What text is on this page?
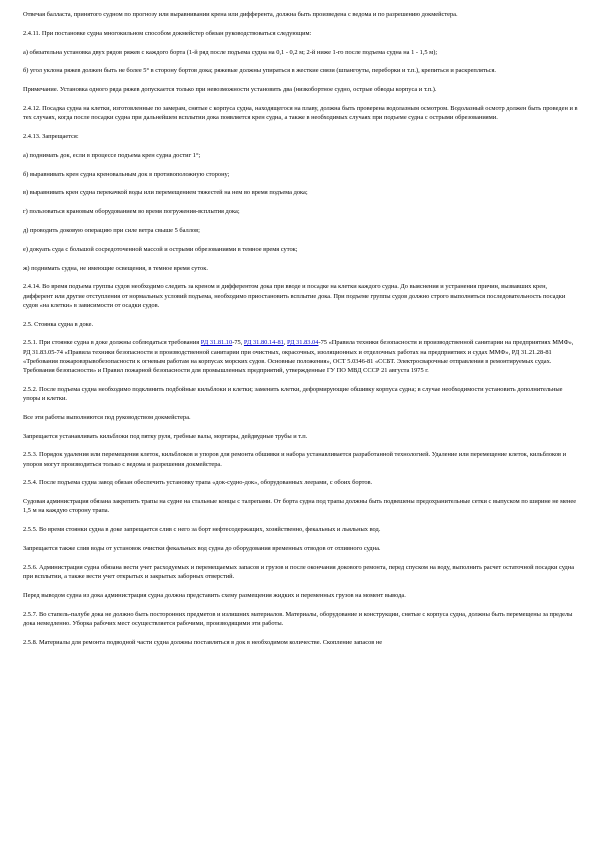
Отвечая балласта, принятого судном по прогнозу или выравнивании крена или дифферента, должна быть произведена с ведома и по разрешению докмейстера.

2.4.11. При постановке судна многокильном способом докмейстер обязан руководствоваться следующим:

а) обязательна установка двух рядов ряжев с каждого борта (1-й ряд после подъема судна на 0,1 - 0,2 м; 2-й ниже 1-го после подъема судна на 1 - 1,5 м);

б) угол уклона ряжев должен быть не более 5° в сторону бортов дока; ряжевые должны упираться в жесткие связи (шпангоуты, переборки и т.п.), крепиться и раскрепляться.

Примечание. Установка одного ряда ряжев допускается только при невозможности установить два (низкобортное судно, острые обводы корпуса и т.п.).

2.4.12. Посадка судна на клетки, изготовленные по замерам, снятые с корпуса судна, находящегося на плаву, должна быть проверена водолазным осмотром. Водолазный осмотр должен быть проведен и в тех случаях, когда после посадки судна при дальнейшем всплытии дока появляется крен судна, а также в необходимых случаях при подъеме судна с острыми обрезованиями.

2.4.13. Запрещается:

а) поднимать док, если в процессе подъема крен судна достиг 1°;

б) выравнивать крен судна креновальным док в противоположную сторону;

в) выравнивать крен судна перекачкой воды или перемещением тяжестей на нем во время подъема дока;

г) пользоваться крановым оборудованием во время погружения-всплытия дока;

д) проводить доковую операцию при силе ветра свыше 5 баллов;

е) докуать суда с большой сосредоточенной массой и острыми обрезованиями в темное время суток;

ж) поднимать судна, не имеющие освещения, в темное время суток.

2.4.14. Во время подъема группы судов необходимо следить за креном и дифферентом дока при вводе и посадке на клетки каждого судна. До выяснения и устранения причин, вызвавших крен, дифферент или другие отступления от нормальных условий подъема, необходимо приостановить всплытие дока. При подъеме группы судов должно строго выполняться последовательность посадки судов «на клетки» в зависимости от осадки судов.

2.5. Стоянка судна в доке.

2.5.1. При стоянке судна в доке должны соблюдаться требования РД 31.81.10-75, РД 31.80.14-81, РД 31.83.04-75 «Правила техники безопасности и производственной санитарии на предприятиях ММФ», РД 31.83.05-74 «Правила техники безопасности и производственной санитарии при очистных, окрасочных, изоляционных и отделочных работах на предприятиях и судах ММФ», РД 31.21.28-81 «Требования пожаровзрывобезопасности к огневым работам на корпусах морских судов. Основные положения», ОСТ 5.0346-81 «ССБТ. Электросварочные отправления в ремонтируемых судах. Требования безопасности» и Правил пожарной безопасности для промышленных предприятий, утвержденные ГУ ПО МВД СССР 21 августа 1975 г.

2.5.2. После подъема судна необходимо подклинить подбойные кильблоки и клетки; заменить клетки, деформирующие обшивку корпуса судна; в случае необходимости установить дополнительные упоры и клетки.

Все эти работы выполняются под руководством докмейстера.

Запрещается устанавливать кильблоки под пятку руля, гребные валы, мортиры, дейдвудные трубы и т.п.

2.5.3. Порядок удаления или перемещения клеток, кильблоков и упоров для ремонта обшивки и набора устанавливается разработанной технологией. Удаление или перемещение клеток, кильблоков и упоров могут производиться только с ведома и разрешения докмейстера.

2.5.4. После подъема судна завод обязан обеспечить установку трапа «док-судно-док», оборудованных леерами, с обоих бортов.

Судовая администрация обязана закрепить трапы на судне на стальные концы с талрепами. От борта судна под трапы должны быть подвешены предохранительные сетки с выпуском по ширине не менее 1,5 м на каждую сторону трапа.

2.5.5. Во время стоянки судна в доке запрещается слив с него за борт нефтесодержащих, хозяйственно, фекальных и льяльных вод.

Запрещается также слив воды от установок очистки фекальных вод судна до оборудования временных отводов от отливного судна.

2.5.6. Администрация судна обязана вести учет расходуемых и перемещаемых запасов и грузов и после окончания докового ремонта, перед спуском на воду, выполнить расчет остаточной посадки судна при всплытии, а также вести учет открытых и закрытых заборных отверстий.

Перед выводом судна из дока администрация судна должна представить схему размещения жидких и переменных грузов на момент вывода.

2.5.7. Во стапель-палубе дока не должно быть посторонних предметов и излишних материалов. Материалы, оборудование и конструкции, снятые с корпуса судна, должны быть перемещены за пределы дока немедленно. Уборка рабочих мест осуществляется рабочими, производящими эти работы.

2.5.8. Материалы для ремонта подводной части судна должны поставляться в док в необходимом количестве. Скопление запасов не
